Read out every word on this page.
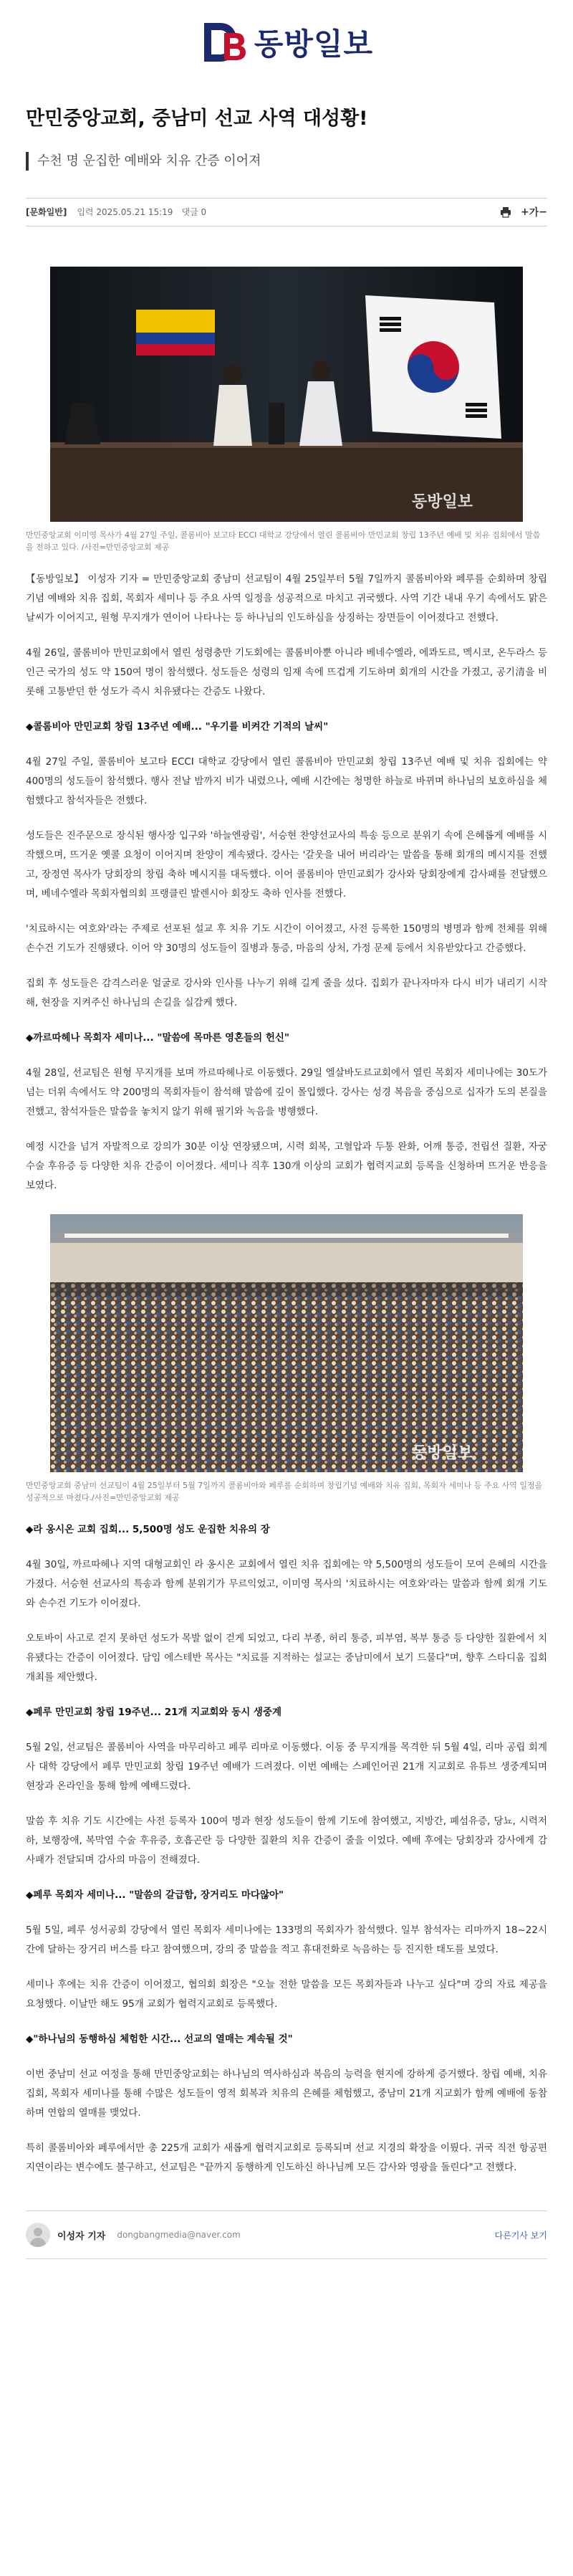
동방일보
만민중앙교회, 중남미 선교 사역 대성황!
수천 명 운집한 예배와 치유 간증 이어져
[문화일반] 입력 2025.05.21 15:19 댓글 0	+ 가 −
동방일보
만민중앙교회 이미영 목사가 4월 27일 주일, 콜롬비아 보고타 ECCI 대학교 강당에서 열린 콜롬비아 만민교회 창립 13주년 예배 및 치유 집회에서 말씀을 전하고 있다. /사진=만민중앙교회 제공

【동방일보】 이성자 기자 = 만민중앙교회 중남미 선교팀이 4월 25일부터 5월 7일까지 콜롬비아와 페루를 순회하며 창립기념 예배와 치유 집회, 목회자 세미나 등 주요 사역 일정을 성공적으로 마치고 귀국했다. 사역 기간 내내 우기 속에서도 맑은 날씨가 이어지고, 원형 무지개가 연이어 나타나는 등 하나님의 인도하심을 상징하는 장면들이 이어졌다고 전했다.

4월 26일, 콜롬비아 만민교회에서 열린 성령충만 기도회에는 콜롬비아뿐 아니라 베네수엘라, 에콰도르, 멕시코, 온두라스 등 인근 국가의 성도 약 150여 명이 참석했다. 성도들은 성령의 임재 속에 뜨겁게 기도하며 회개의 시간을 가졌고, 공기清을 비롯해 고통받던 한 성도가 즉시 치유됐다는 간증도 나왔다.

◆콜롬비아 만민교회 창립 13주년 예배... "우기를 비켜간 기적의 날씨"

4월 27일 주일, 콜롬비아 보고타 ECCI 대학교 강당에서 열린 콜롬비아 만민교회 창립 13주년 예배 및 치유 집회에는 약 400명의 성도들이 참석했다. 행사 전날 밤까지 비가 내렸으나, 예배 시간에는 청명한 하늘로 바뀌며 하나님의 보호하심을 체험했다고 참석자들은 전했다.

성도들은 진주문으로 장식된 행사장 입구와 '하늘엔광림', 서승현 찬양선교사의 특송 등으로 분위기 속에 은혜롭게 예배를 시작했으며, 뜨거운 옛콜 요청이 이어지며 찬양이 계속됐다. 강사는 '갈웃을 내어 버리라'는 말씀을 통해 회개의 메시지를 전했고, 장정연 목사가 당회장의 창립 축하 메시지를 대독했다. 이어 콜롬비아 만민교회가 강사와 당회장에게 감사패를 전달했으며, 베네수엘라 목회자협의회 프랭클린 발렌시아 회장도 축하 인사를 전했다.

'치료하시는 여호와'라는 주제로 선포된 설교 후 치유 기도 시간이 이어졌고, 사전 등록한 150명의 병명과 함께 전체를 위해 손수건 기도가 진행됐다. 이어 약 30명의 성도들이 질병과 통증, 마음의 상처, 가정 문제 등에서 치유받았다고 간증했다.

집회 후 성도들은 감격스러운 얼굴로 강사와 인사를 나누기 위해 길게 줄을 섰다. 집회가 끝나자마자 다시 비가 내리기 시작해, 현장을 지켜주신 하나님의 손길을 실감케 했다.

◆까르따헤나 목회자 세미나... "말씀에 목마른 영혼들의 헌신"

4월 28일, 선교팀은 원형 무지개를 보며 까르따헤나로 이동했다. 29일 엘살바도르교회에서 열린 목회자 세미나에는 30도가 넘는 더위 속에서도 약 200명의 목회자들이 참석해 말씀에 깊이 몰입했다. 강사는 성경 복음을 중심으로 십자가 도의 본질을 전했고, 참석자들은 말씀을 놓치지 않기 위해 필기와 녹음을 병행했다.

예정 시간을 넘겨 자발적으로 강의가 30분 이상 연장됐으며, 시력 회복, 고혈압과 두통 완화, 어깨 통증, 전립선 질환, 자궁 수술 후유증 등 다양한 치유 간증이 이어졌다. 세미나 직후 130개 이상의 교회가 협력지교회 등록을 신청하며 뜨거운 반응을 보였다.

동방일보
만민중앙교회 중남미 선교팀이 4월 25일부터 5월 7일까지 콜롬비아와 페루를 순회하며 창립기념 예배와 치유 집회, 목회자 세미나 등 주요 사역 일정을 성공적으로 마쳤다./사진=만민중앙교회 제공

◆라 옹시온 교회 집회... 5,500명 성도 운집한 치유의 장

4월 30일, 까르따헤나 지역 대형교회인 라 옹시온 교회에서 열린 치유 집회에는 약 5,500명의 성도들이 모여 은혜의 시간을 가졌다. 서승현 선교사의 특송과 함께 분위기가 무르익었고, 이미영 목사의 '치료하시는 여호와'라는 말씀과 함께 회개 기도와 손수건 기도가 이어졌다.

오토바이 사고로 걷지 못하던 성도가 목발 없이 걷게 되었고, 다리 부종, 허리 통증, 피부염, 복부 통증 등 다양한 질환에서 치유됐다는 간증이 이어졌다. 담임 에스테반 목사는 "치료를 지적하는 설교는 중남미에서 보기 드물다"며, 향후 스타디움 집회 개최를 제안했다.

◆페루 만민교회 창립 19주년... 21개 지교회와 동시 생중계

5월 2일, 선교팀은 콜롬비아 사역을 마무리하고 페루 리마로 이동했다. 이동 중 무지개를 목격한 뒤 5월 4일, 리마 공립 회계사 대학 강당에서 페루 만민교회 창립 19주년 예배가 드려졌다. 이번 예배는 스페인어권 21개 지교회로 유튜브 생중계되며 현장과 온라인을 통해 함께 예배드렸다.

말씀 후 치유 기도 시간에는 사전 등록자 100여 명과 현장 성도들이 함께 기도에 참여했고, 지방간, 폐섬유증, 당뇨, 시력저하, 보행장애, 복막염 수술 후유증, 호흡곤란 등 다양한 질환의 치유 간증이 줄을 이었다. 예배 후에는 당회장과 강사에게 감사패가 전달되며 감사의 마음이 전해졌다.

◆페루 목회자 세미나... "말씀의 갈급함, 장거리도 마다않아"

5월 5일, 페루 성서공회 강당에서 열린 목회자 세미나에는 133명의 목회자가 참석했다. 일부 참석자는 리마까지 18~22시간에 달하는 장거리 버스를 타고 참여했으며, 강의 중 말씀을 적고 휴대전화로 녹음하는 등 진지한 태도를 보였다.

세미나 후에는 치유 간증이 이어졌고, 협의회 회장은 "오늘 전한 말씀을 모든 목회자들과 나누고 싶다"며 강의 자료 제공을 요청했다. 이날만 해도 95개 교회가 협력지교회로 등록했다.

◆"하나님의 동행하심 체험한 시간... 선교의 열매는 계속될 것"

이번 중남미 선교 여정을 통해 만민중앙교회는 하나님의 역사하심과 복음의 능력을 현지에 강하게 증거했다. 창립 예배, 치유 집회, 목회자 세미나를 통해 수많은 성도들이 영적 회복과 치유의 은혜를 체험했고, 중남미 21개 지교회가 함께 예배에 동참하며 연합의 열매를 맺었다.

특히 콜롬비아와 페루에서만 총 225개 교회가 새롭게 협력지교회로 등록되며 선교 지경의 확장을 이뤘다. 귀국 직전 항공편 지연이라는 변수에도 불구하고, 선교팀은 "끝까지 동행하게 인도하신 하나님께 모든 감사와 영광을 돌린다"고 전했다.

이성자 기자 dongbangmedia@naver.com	다른기사 보기
